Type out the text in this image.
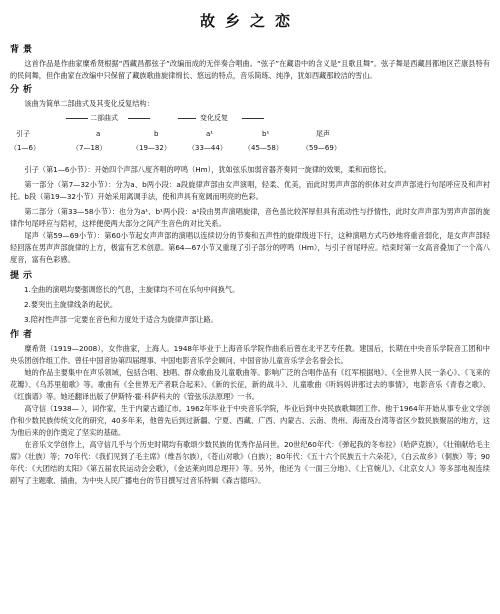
故乡之恋
背景

这首作品是作曲家糜希贤根据“西藏昌都弦子”改编而成的无伴奏合唱曲。“弦子”在藏语中的含义是“且歌且舞”。弦子舞是西藏昌都地区芒康县特有的民间舞，但作曲家在改编中只保留了藏族歌曲旋律绵长、悠远的特点，音乐简练、纯净，犹如西藏那皎洁的雪山。

分析

该曲为简单二部曲式及其变化反复结构：

二部曲式	变化反复
引子	a	b	a¹	b¹	尾声
（1—6）	（7—18）	（19—32） （33—44） （45—58）	（59—69）

引子（第1—6小节）：开始四个声部八度齐唱的哼鸣（Hm），犹如弦乐加弱音器齐奏同一旋律的效果，柔和而悠长。

第一部分（第7—32小节）：分为a、b两小段：a段旋律声部由女声演唱，轻柔、优美，而此时男声声部的织体对女声声部进行句尾呼应及和声衬托。b段（第19—32小节）开始采用离调手法，使和声具有宽阔而明亮的色彩。

第二部分（第33—58小节）：也分为a¹、b¹两小段：a¹段由男声演唱旋律，音色虽比较浑厚但具有流动性与抒情性，此时女声声部为男声声部的旋律作句尾呼应与陪衬，这样便使两大部分之间产生音色的对比关系。

尾声（第59—69小节）：第60小节起女声声部的演唱以连续切分的节奏和五声性的旋律级进下行，这种演唱方式巧妙地将重音弱化，是女声声部轻轻回落在男声声部旋律的上方，极富有艺术创意。第64—67小节又重现了引子部分的哼鸣（Hm），与引子首尾呼应。结束时第一女高音叠加了一个高八度音，富有色彩感。

提示
1.全曲的演唱均要强调悠长的气息，主旋律均不可在乐句中间换气。
2.要突出主旋律线条的起伏。
3.陪衬性声部一定要在音色和力度处于适合为旋律声部让路。
作者

糜希贤（1919—2008），女作曲家，上海人。1948年毕业于上海音乐学院作曲系后曾在北平艺专任教。建国后，长期在中央音乐学院音工团和中央乐团创作组工作。曾任中国音协第四届理事、中国电影音乐学会顾问、中国音协儿童音乐学会名誉会长。

她的作品主要集中在声乐领域，包括合唱、独唱、群众歌曲及儿童歌曲等。影响广泛的合唱作品有《红军根据地》、《全世界人民一条心》、《飞来的花瓣》、《乌苏里船歌》等。歌曲有《全世界无产者联合起来》、《新的长征，新的战斗》、儿童歌曲《听妈妈讲那过去的事情》，电影音乐《青春之歌》、《红旗谱》等。她还翻译出版了伊斯特·霍·科萨科夫的《管弦乐法原理》一书。

高守信（1938— ），词作家，生于内蒙古通辽市。1962年毕业于中央音乐学院，毕业后到中央民族歌舞团工作。他于1964年开始从事专业文学创作和少数民族传统文化的研究，40多年来，他曾先后到过新疆、宁夏、西藏、广西、内蒙古、云南、贵州、海南及台湾等省区少数民族聚居的地方，这为他后来的创作奠定了坚实的基础。

在音乐文学创作上，高守信几乎与个历史时期均有歌颂少数民族的优秀作品问世。20世纪60年代：《弹起我的冬布拉》（哈萨克族），《壮锦献给毛主席》（壮族）等；70年代：《我们见到了毛主席》（维吾尔族），《苍山对歌》（白族）；80年代：《五十六个民族五十六朵花》，《白云故乡》（侗族）等；90年代：《大团结的太阳》《第五届农民运动会会歌》，《金达莱向周总理开》等。另外，他还为《一面三分地》、《上官婉儿》、《北京女人》等多部电视连续剧写了主题歌、插曲，为中央人民广播电台的节目撰写过音乐特辑《森吉德玛》。
